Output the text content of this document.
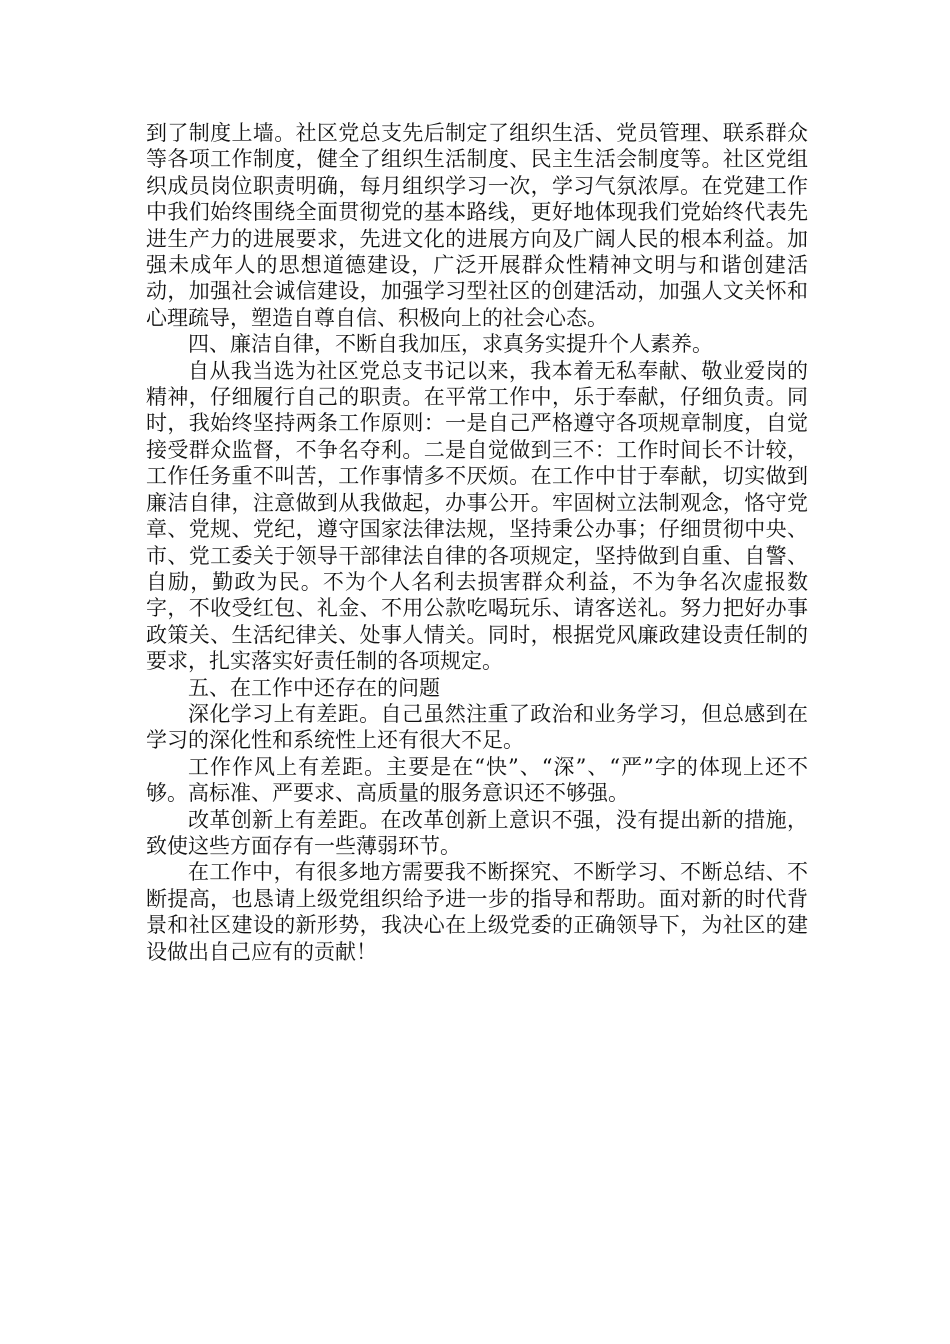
到了制度上墙。社区党总支先后制定了组织生活、党员管理、联系群众等各项工作制度，健全了组织生活制度、民主生活会制度等。社区党组织成员岗位职责明确，每月组织学习一次，学习气氛浓厚。在党建工作中我们始终围绕全面贯彻党的基本路线，更好地体现我们党始终代表先进生产力的进展要求，先进文化的进展方向及广阔人民的根本利益。加强未成年人的思想道德建设，广泛开展群众性精神文明与和谐创建活动，加强社会诚信建设，加强学习型社区的创建活动，加强人文关怀和心理疏导，塑造自尊自信、积极向上的社会心态。

四、廉洁自律，不断自我加压，求真务实提升个人素养。

自从我当选为社区党总支书记以来，我本着无私奉献、敬业爱岗的精神，仔细履行自己的职责。在平常工作中，乐于奉献，仔细负责。同时，我始终坚持两条工作原则：一是自己严格遵守各项规章制度，自觉接受群众监督，不争名夺利。二是自觉做到三不：工作时间长不计较，工作任务重不叫苦，工作事情多不厌烦。在工作中甘于奉献，切实做到廉洁自律，注意做到从我做起，办事公开。牢固树立法制观念，恪守党章、党规、党纪，遵守国家法律法规，坚持秉公办事；仔细贯彻中央、市、党工委关于领导干部律法自律的各项规定，坚持做到自重、自警、自励，勤政为民。不为个人名利去损害群众利益，不为争名次虚报数字，不收受红包、礼金、不用公款吃喝玩乐、请客送礼。努力把好办事政策关、生活纪律关、处事人情关。同时，根据党风廉政建设责任制的要求，扎实落实好责任制的各项规定。

五、在工作中还存在的问题

深化学习上有差距。自己虽然注重了政治和业务学习，但总感到在学习的深化性和系统性上还有很大不足。

工作作风上有差距。主要是在“快”、“深”、“严”字的体现上还不够。高标准、严要求、高质量的服务意识还不够强。

改革创新上有差距。在改革创新上意识不强，没有提出新的措施，致使这些方面存有一些薄弱环节。

在工作中，有很多地方需要我不断探究、不断学习、不断总结、不断提高，也恳请上级党组织给予进一步的指导和帮助。面对新的时代背景和社区建设的新形势，我决心在上级党委的正确领导下，为社区的建设做出自己应有的贡献！
